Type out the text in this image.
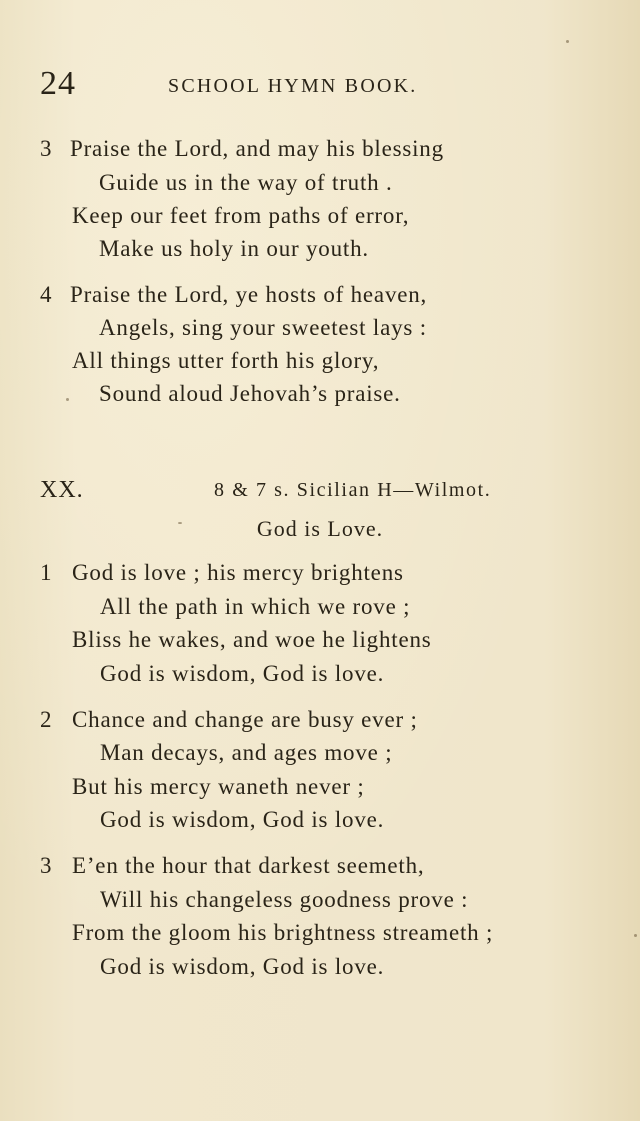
24	SCHOOL HYMN BOOK.
3 Praise the Lord, and may his blessing
Guide us in the way of truth .
Keep our feet from paths of error,
Make us holy in our youth.
4 Praise the Lord, ye hosts of heaven,
Angels, sing your sweetest lays :
All things utter forth his glory,
Sound aloud Jehovah’s praise.
XX.	8 & 7 s. Sicilian H—Wilmot.
God is Love.
1 God is love ; his mercy brightens
All the path in which we rove ;
Bliss he wakes, and woe he lightens
God is wisdom, God is love.
2 Chance and change are busy ever ;
Man decays, and ages move ;
But his mercy waneth never ;
God is wisdom, God is love.
3 E’en the hour that darkest seemeth,
Will his changeless goodness prove :
From the gloom his brightness streameth ;
God is wisdom, God is love.
